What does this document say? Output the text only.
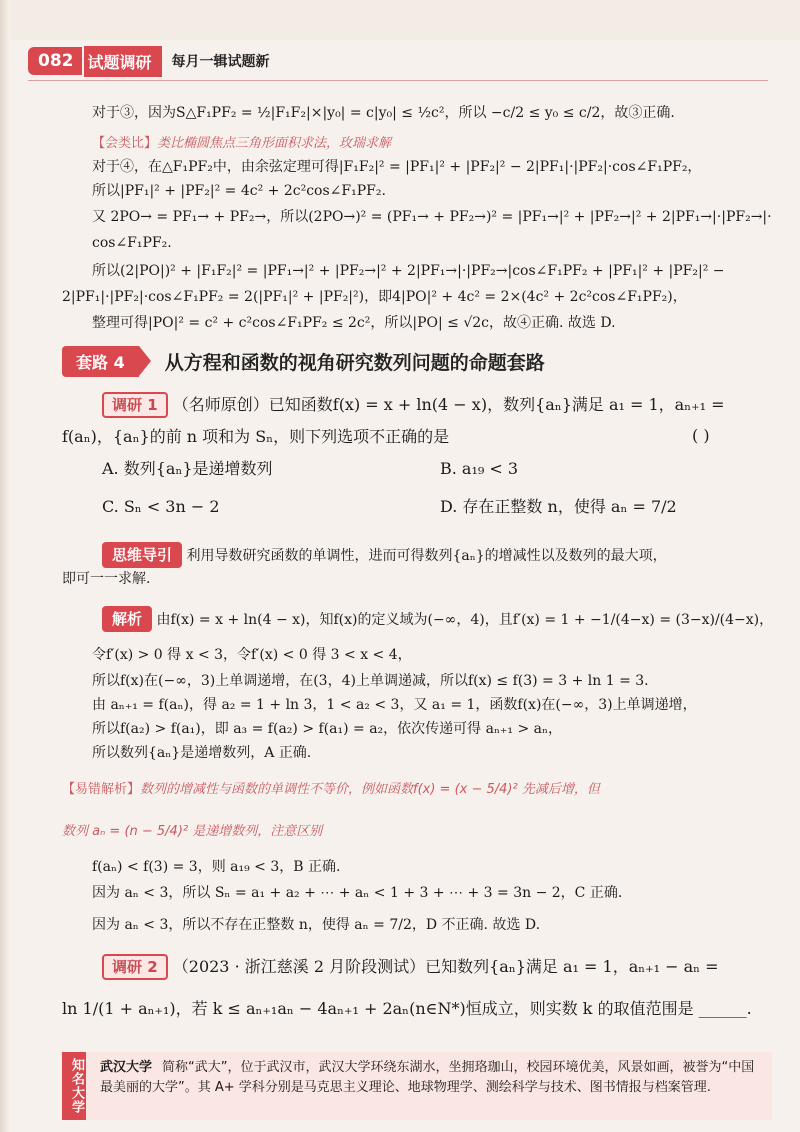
082 试题调研	每月一辑试题新
对于③，因为S△F₁PF₂ = ½|F₁F₂|×|y₀| = c|y₀| ≤ ½c²，所以 −c/2 ≤ y₀ ≤ c/2，故③正确.
【会类比】类比椭圆焦点三角形面积求法，玫瑞求解
对于④，在△F₁PF₂中，由余弦定理可得|F₁F₂|² = |PF₁|² + |PF₂|² − 2|PF₁|·|PF₂|·cos∠F₁PF₂，
所以|PF₁|² + |PF₂|² = 4c² + 2c²cos∠F₁PF₂.
又 2PO→ = PF₁→ + PF₂→，所以(2PO→)² = (PF₁→ + PF₂→)² = |PF₁→|² + |PF₂→|² + 2|PF₁→|·|PF₂→|·
cos∠F₁PF₂.
所以(2|PO|)² + |F₁F₂|² = |PF₁→|² + |PF₂→|² + 2|PF₁→|·|PF₂→|cos∠F₁PF₂ + |PF₁|² + |PF₂|² −
2|PF₁|·|PF₂|·cos∠F₁PF₂ = 2(|PF₁|² + |PF₂|²)，即4|PO|² + 4c² = 2×(4c² + 2c²cos∠F₁PF₂)，
整理可得|PO|² = c² + c²cos∠F₁PF₂ ≤ 2c²，所以|PO| ≤ √2c，故④正确. 故选 D.
套路 4	从方程和函数的视角研究数列问题的命题套路
调研 1 （名师原创）已知函数f(x) = x + ln(4 − x)，数列{aₙ}满足 a₁ = 1，aₙ₊₁ =
f(aₙ)，{aₙ}的前 n 项和为 Sₙ，则下列选项不正确的是	( )
A. 数列{aₙ}是递增数列	B. a₁₉ < 3
C. Sₙ < 3n − 2	D. 存在正整数 n，使得 aₙ = 7/2
思维导引 利用导数研究函数的单调性，进而可得数列{aₙ}的增减性以及数列的最大项，
即可一一求解.
解析 由f(x) = x + ln(4 − x)，知f(x)的定义域为(−∞，4)，且f′(x) = 1 + −1/(4−x) = (3−x)/(4−x)，
令f′(x) > 0 得 x < 3，令f′(x) < 0 得 3 < x < 4，
所以f(x)在(−∞，3)上单调递增，在(3，4)上单调递减，所以f(x) ≤ f(3) = 3 + ln 1 = 3.
由 aₙ₊₁ = f(aₙ)，得 a₂ = 1 + ln 3，1 < a₂ < 3，又 a₁ = 1，函数f(x)在(−∞，3)上单调递增，
所以f(a₂) > f(a₁)，即 a₃ = f(a₂) > f(a₁) = a₂，依次传递可得 aₙ₊₁ > aₙ，
所以数列{aₙ}是递增数列，A 正确.
【易错解析】数列的增减性与函数的单调性不等价，例如函数f(x) = (x − 5/4)² 先减后增，但
数列 aₙ = (n − 5/4)² 是递增数列，注意区别
f(aₙ) < f(3) = 3，则 a₁₉ < 3，B 正确.
因为 aₙ < 3，所以 Sₙ = a₁ + a₂ + ⋯ + aₙ < 1 + 3 + ⋯ + 3 = 3n − 2，C 正确.
因为 aₙ < 3，所以不存在正整数 n，使得 aₙ = 7/2，D 不正确. 故选 D.
调研 2 （2023 · 浙江慈溪 2 月阶段测试）已知数列{aₙ}满足 a₁ = 1，aₙ₊₁ − aₙ =
ln 1/(1 + aₙ₊₁)，若 k ≤ aₙ₊₁aₙ − 4aₙ₊₁ + 2aₙ(n∈N*)恒成立，则实数 k 的取值范围是 ______.
武汉大学 简称“武大”，位于武汉市，武汉大学环绕东湖水，坐拥珞珈山，校园环境优美，风景如画，被誉为“中国最美丽的大学”。其 A+ 学科分别是马克思主义理论、地球物理学、测绘科学与技术、图书情报与档案管理.
知名大学
